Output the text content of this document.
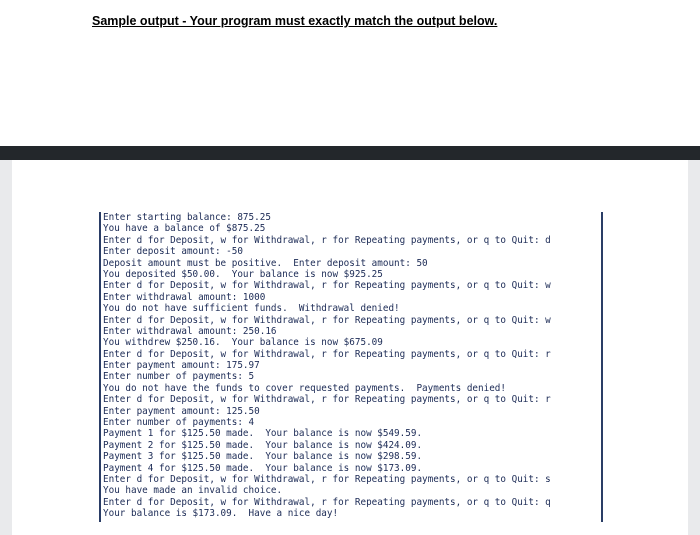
Sample output - Your program must exactly match the output below.
Enter starting balance: 875.25
You have a balance of $875.25
Enter d for Deposit, w for Withdrawal, r for Repeating payments, or q to Quit: d
Enter deposit amount: -50
Deposit amount must be positive.  Enter deposit amount: 50
You deposited $50.00.  Your balance is now $925.25
Enter d for Deposit, w for Withdrawal, r for Repeating payments, or q to Quit: w
Enter withdrawal amount: 1000
You do not have sufficient funds.  Withdrawal denied!
Enter d for Deposit, w for Withdrawal, r for Repeating payments, or q to Quit: w
Enter withdrawal amount: 250.16
You withdrew $250.16.  Your balance is now $675.09
Enter d for Deposit, w for Withdrawal, r for Repeating payments, or q to Quit: r
Enter payment amount: 175.97
Enter number of payments: 5
You do not have the funds to cover requested payments.  Payments denied!
Enter d for Deposit, w for Withdrawal, r for Repeating payments, or q to Quit: r
Enter payment amount: 125.50
Enter number of payments: 4
Payment 1 for $125.50 made.  Your balance is now $549.59.
Payment 2 for $125.50 made.  Your balance is now $424.09.
Payment 3 for $125.50 made.  Your balance is now $298.59.
Payment 4 for $125.50 made.  Your balance is now $173.09.
Enter d for Deposit, w for Withdrawal, r for Repeating payments, or q to Quit: s
You have made an invalid choice.
Enter d for Deposit, w for Withdrawal, r for Repeating payments, or q to Quit: q
Your balance is $173.09.  Have a nice day!
